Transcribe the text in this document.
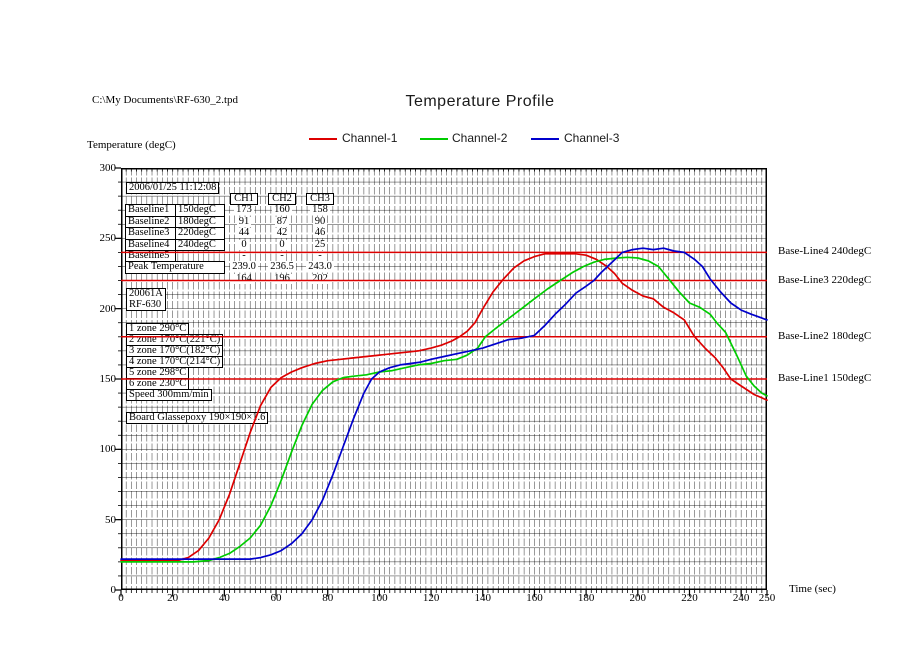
C:\My Documents\RF-630_2.tpd	Temperature Profile
Temperature (degC)
Time (sec)
Channel-1	Channel-2	Channel-3
2006/01/25 11:12:08
CH1	CH2	CH3
Baseline1 150degC	173	160	158
Baseline2 180degC	91	87	90
Baseline3 220degC	44	42	46
Baseline4 240degC	0	0	25
Baseline5	-	-	-
Peak Temperature	239.0	236.5	243.0
164	196	202
20061A
RF-630
1 zone 290°C
2 zone 170°C(221°C)
3 zone 170°C(182°C)
4 zone 170°C(214°C)
5 zone 298°C
6 zone 230°C
Speed 300mm/min
Board Glassepoxy 190×190×1.6
0
50
100
150
200
250
300
0	20	40	60	80	100	120	140	160	180	200	220	240 250
Base-Line4 240degC
Base-Line3 220degC
Base-Line2 180degC
Base-Line1 150degC
